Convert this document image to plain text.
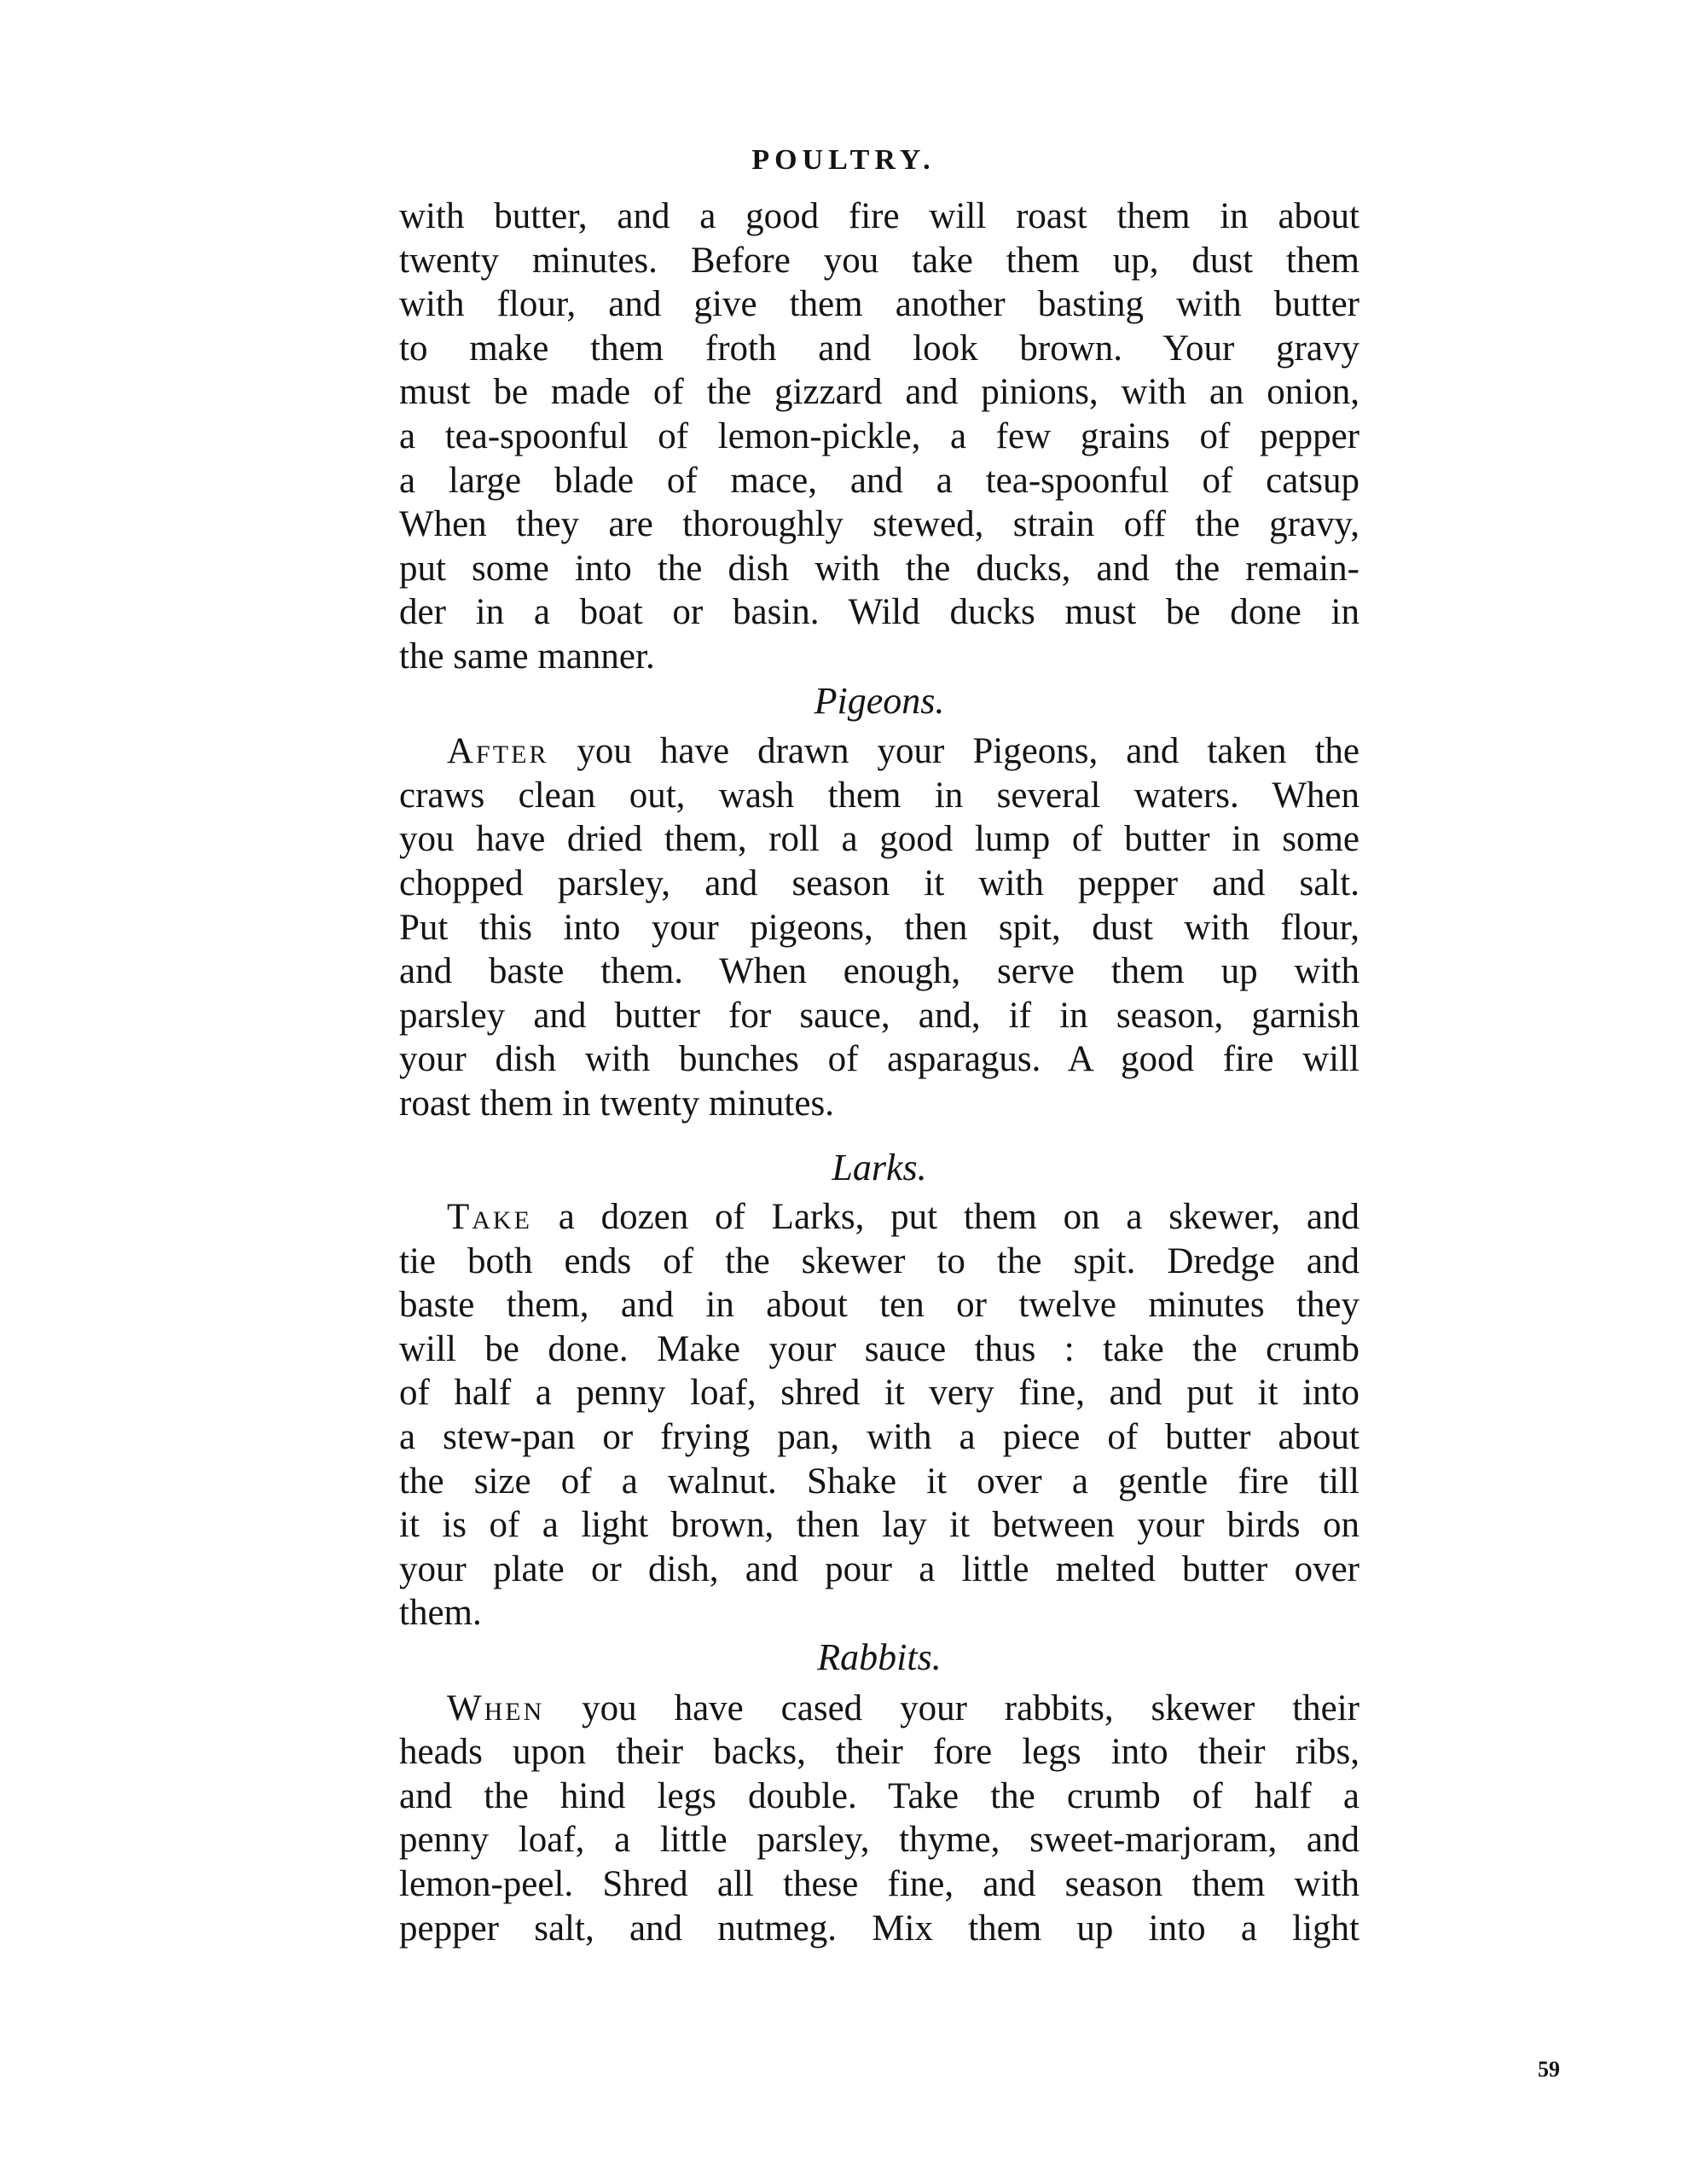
POULTRY.
with butter, and a good fire will roast them in about
twenty minutes. Before you take them up, dust them
with flour, and give them another basting with butter
to make them froth and look brown. Your gravy
must be made of the gizzard and pinions, with an onion,
a tea-spoonful of lemon-pickle, a few grains of pepper
a large blade of mace, and a tea-spoonful of catsup
When they are thoroughly stewed, strain off the gravy,
put some into the dish with the ducks, and the remain-
der in a boat or basin. Wild ducks must be done in
the same manner.
Pigeons.
After you have drawn your Pigeons, and taken the
craws clean out, wash them in several waters. When
you have dried them, roll a good lump of butter in some
chopped parsley, and season it with pepper and salt.
Put this into your pigeons, then spit, dust with flour,
and baste them. When enough, serve them up with
parsley and butter for sauce, and, if in season, garnish
your dish with bunches of asparagus. A good fire will
roast them in twenty minutes.
Larks.
Take a dozen of Larks, put them on a skewer, and
tie both ends of the skewer to the spit. Dredge and
baste them, and in about ten or twelve minutes they
will be done. Make your sauce thus : take the crumb
of half a penny loaf, shred it very fine, and put it into
a stew-pan or frying pan, with a piece of butter about
the size of a walnut. Shake it over a gentle fire till
it is of a light brown, then lay it between your birds on
your plate or dish, and pour a little melted butter over
them.
Rabbits.
When you have cased your rabbits, skewer their
heads upon their backs, their fore legs into their ribs,
and the hind legs double. Take the crumb of half a
penny loaf, a little parsley, thyme, sweet-marjoram, and
lemon-peel. Shred all these fine, and season them with
pepper salt, and nutmeg. Mix them up into a light
59
